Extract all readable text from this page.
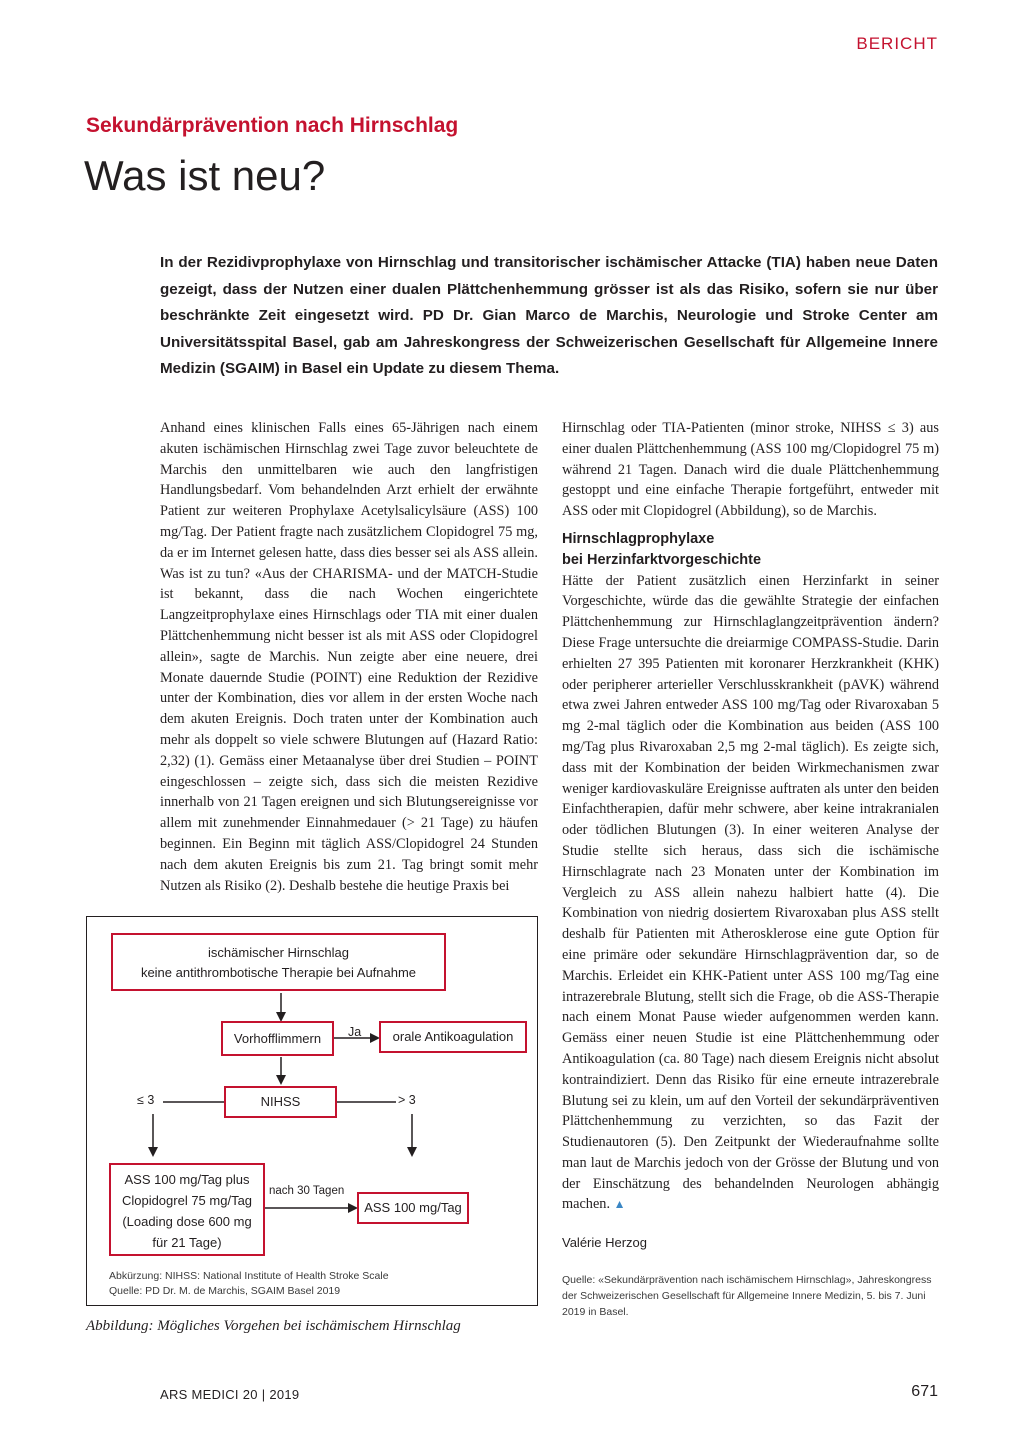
BERICHT
Sekundärprävention nach Hirnschlag
Was ist neu?
In der Rezidivprophylaxe von Hirnschlag und transitorischer ischämischer Attacke (TIA) haben neue Daten gezeigt, dass der Nutzen einer dualen Plättchenhemmung grösser ist als das Risiko, sofern sie nur über beschränkte Zeit eingesetzt wird. PD Dr. Gian Marco de Marchis, Neurologie und Stroke Center am Universitätsspital Basel, gab am Jahreskongress der Schweizerischen Gesellschaft für Allgemeine Innere Medizin (SGAIM) in Basel ein Update zu diesem Thema.

Anhand eines klinischen Falls eines 65-Jährigen nach einem akuten ischämischen Hirnschlag zwei Tage zuvor beleuchtete de Marchis den unmittelbaren wie auch den langfristigen Handlungsbedarf. Vom behandelnden Arzt erhielt der erwähnte Patient zur weiteren Prophylaxe Acetylsalicylsäure (ASS) 100 mg/Tag. Der Patient fragte nach zusätzlichem Clopidogrel 75 mg, da er im Internet gelesen hatte, dass dies besser sei als ASS allein. Was ist zu tun? «Aus der CHARISMA- und der MATCH-Studie ist bekannt, dass die nach Wochen eingerichtete Langzeitprophylaxe eines Hirnschlags oder TIA mit einer dualen Plättchenhemmung nicht besser ist als mit ASS oder Clopidogrel allein», sagte de Marchis. Nun zeigte aber eine neuere, drei Monate dauernde Studie (POINT) eine Reduktion der Rezidive unter der Kombination, dies vor allem in der ersten Woche nach dem akuten Ereignis. Doch traten unter der Kombination auch mehr als doppelt so viele schwere Blutungen auf (Hazard Ratio: 2,32) (1). Gemäss einer Metaanalyse über drei Studien – POINT eingeschlossen – zeigte sich, dass sich die meisten Rezidive innerhalb von 21 Tagen ereignen und sich Blutungsereignisse vor allem mit zunehmender Einnahmedauer (> 21 Tage) zu häufen beginnen. Ein Beginn mit täglich ASS/Clopidogrel 24 Stunden nach dem akuten Ereignis bis zum 21. Tag bringt somit mehr Nutzen als Risiko (2). Deshalb bestehe die heutige Praxis bei

Hirnschlag oder TIA-Patienten (minor stroke, NIHSS ≤ 3) aus einer dualen Plättchenhemmung (ASS 100 mg/Clopidogrel 75 m) während 21 Tagen. Danach wird die duale Plättchenhemmung gestoppt und eine einfache Therapie fortgeführt, entweder mit ASS oder mit Clopidogrel (Abbildung), so de Marchis.

Hirnschlagprophylaxe
bei Herzinfarktvorgeschichte

Hätte der Patient zusätzlich einen Herzinfarkt in seiner Vorgeschichte, würde das die gewählte Strategie der einfachen Plättchenhemmung zur Hirnschlaglangzeitprävention ändern? Diese Frage untersuchte die dreiarmige COMPASS-Studie. Darin erhielten 27 395 Patienten mit koronarer Herzkrankheit (KHK) oder peripherer arterieller Verschlusskrankheit (pAVK) während etwa zwei Jahren entweder ASS 100 mg/Tag oder Rivaroxaban 5 mg 2-mal täglich oder die Kombination aus beiden (ASS 100 mg/Tag plus Rivaroxaban 2,5 mg 2-mal täglich). Es zeigte sich, dass mit der Kombination der beiden Wirkmechanismen zwar weniger kardiovaskuläre Ereignisse auftraten als unter den beiden Einfachtherapien, dafür mehr schwere, aber keine intrakranialen oder tödlichen Blutungen (3). In einer weiteren Analyse der Studie stellte sich heraus, dass sich die ischämische Hirnschlagrate nach 23 Monaten unter der Kombination im Vergleich zu ASS allein nahezu halbiert hatte (4). Die Kombination von niedrig dosiertem Rivaroxaban plus ASS stellt deshalb für Patienten mit Atherosklerose eine gute Option für eine primäre oder sekundäre Hirnschlagprävention dar, so de Marchis. Erleidet ein KHK-Patient unter ASS 100 mg/Tag eine intrazerebrale Blutung, stellt sich die Frage, ob die ASS-Therapie nach einem Monat Pause wieder aufgenommen werden kann. Gemäss einer neuen Studie ist eine Plättchenhemmung oder Antikoagulation (ca. 80 Tage) nach diesem Ereignis nicht absolut kontraindiziert. Denn das Risiko für eine erneute intrazerebrale Blutung sei zu klein, um auf den Vorteil der sekundärpräventiven Plättchenhemmung zu verzichten, so das Fazit der Studienautoren (5). Den Zeitpunkt der Wiederaufnahme sollte man laut de Marchis jedoch von der Grösse der Blutung und von der Einschätzung des behandelnden Neurologen abhängig machen. ▲

Valérie Herzog

Quelle: «Sekundärprävention nach ischämischem Hirnschlag», Jahreskongress der Schweizerischen Gesellschaft für Allgemeine Innere Medizin, 5. bis 7. Juni 2019 in Basel.

ischämischer Hirnschlag
keine antithrombotische Therapie bei Aufnahme
Vorhofflimmern	Ja	orale Antikoagulation
NIHSS
≤ 3	> 3
ASS 100 mg/Tag plus
Clopidogrel 75 mg/Tag
(Loading dose 600 mg
für 21 Tage)
nach 30 Tagen
ASS 100 mg/Tag
Abkürzung: NIHSS: National Institute of Health Stroke Scale
Quelle: PD Dr. M. de Marchis, SGAIM Basel 2019
Abbildung: Mögliches Vorgehen bei ischämischem Hirnschlag
ARS MEDICI 20 | 2019	671
